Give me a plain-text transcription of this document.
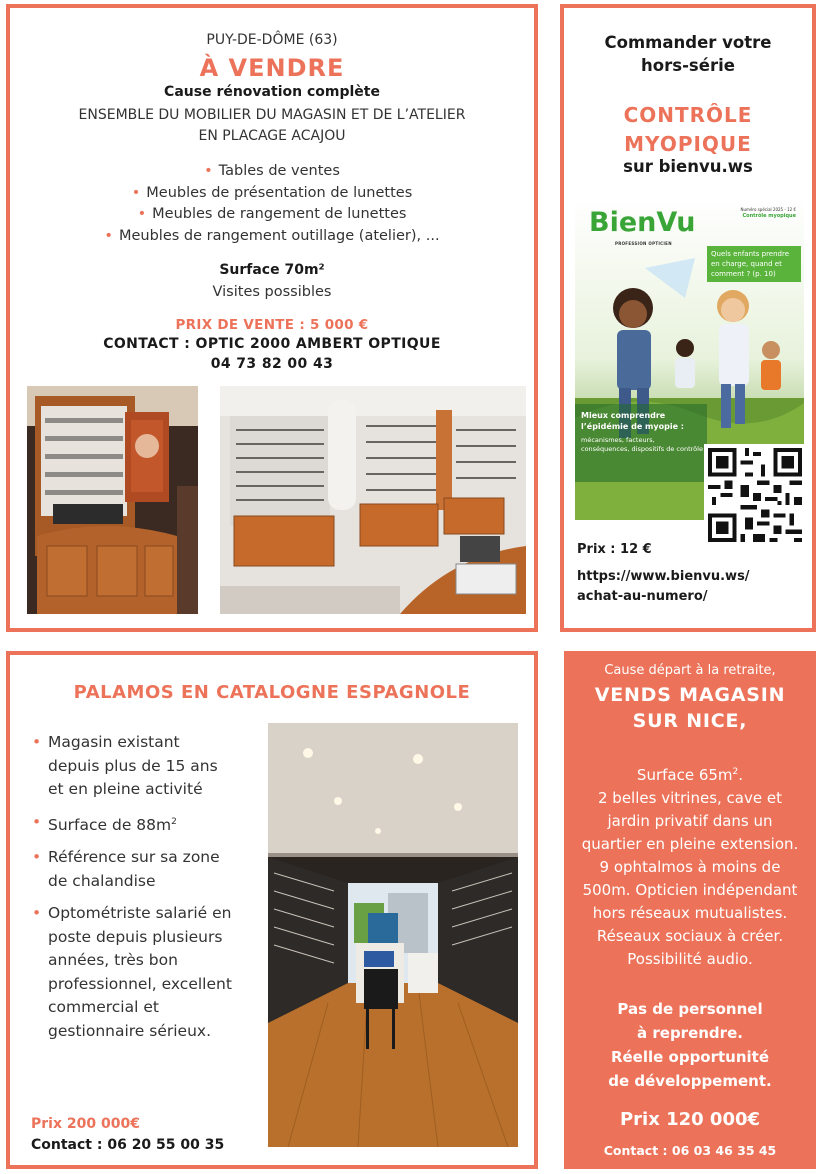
PUY-DE-DÔME (63)
À VENDRE
Cause rénovation complète
ENSEMBLE DU MOBILIER DU MAGASIN ET DE L’ATELIER
EN PLACAGE ACAJOU
• Tables de ventes
• Meubles de présentation de lunettes
• Meubles de rangement de lunettes
• Meubles de rangement outillage (atelier), ...
Surface 70m²
Visites possibles
PRIX DE VENTE : 5 000 €
CONTACT : OPTIC 2000 AMBERT OPTIQUE
04 73 82 00 43
Commander votre
hors-série
CONTRÔLE
MYOPIQUE
sur bienvu.ws
BienVu
PROFESSION OPTICIEN
Numéro spécial 2025 - 12 €
Contrôle myopique
Quels enfants prendre en charge, quand et comment ? (p. 10)
Mieux comprendre l’épidémie de myopie :
mécanismes, facteurs, conséquences, dispositifs de contrôle
Prix : 12 €
https://www.bienvu.ws/
achat-au-numero/
PALAMOS EN CATALOGNE ESPAGNOLE
• Magasin existant depuis plus de 15 ans et en pleine activité
• Surface de $88m^2$
• Référence sur sa zone de chalandise
• Optométriste salarié en poste depuis plusieurs années, très bon professionnel, excellent commercial et gestionnaire sérieux.
Prix 200 000€
Contact : 06 20 55 00 35
Cause départ à la retraite,
VENDS MAGASIN
SUR NICE,
Surface $65m^2$.
2 belles vitrines, cave et jardin privatif dans un quartier en pleine extension. 9 ophtalmos à moins de 500m. Opticien indépendant hors réseaux mutualistes. Réseaux sociaux à créer. Possibilité audio.
Pas de personnel
à reprendre.
Réelle opportunité
de développement.
Prix 120 000€
Contact : 06 03 46 35 45
